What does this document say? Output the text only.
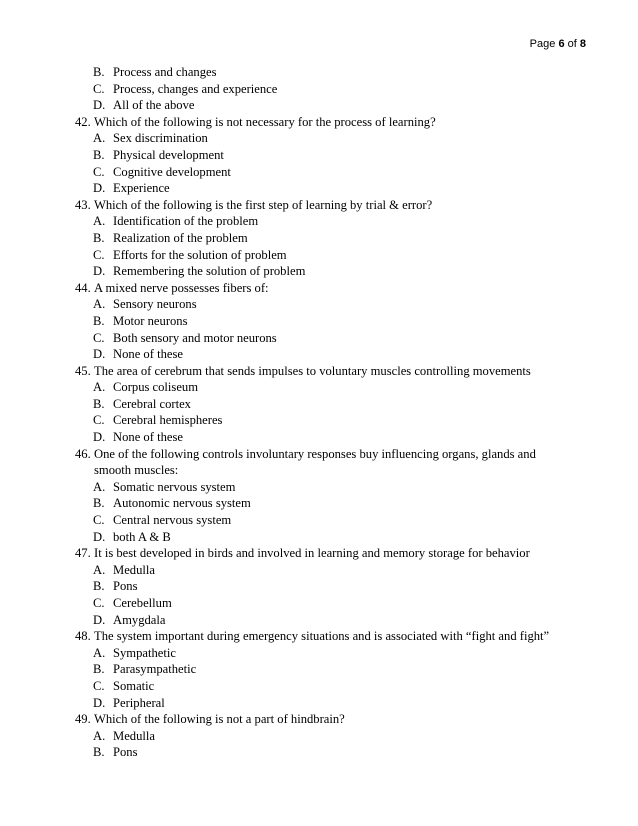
Page 6 of 8
B. Process and changes
C. Process, changes and experience
D. All of the above
42. Which of the following is not necessary for the process of learning?
A. Sex discrimination
B. Physical development
C. Cognitive development
D. Experience
43. Which of the following is the first step of learning by trial & error?
A. Identification of the problem
B. Realization of the problem
C. Efforts for the solution of problem
D. Remembering the solution of problem
44. A mixed nerve possesses fibers of:
A. Sensory neurons
B. Motor neurons
C. Both sensory and motor neurons
D. None of these
45. The area of cerebrum that sends impulses to voluntary muscles controlling movements
A. Corpus coliseum
B. Cerebral cortex
C. Cerebral hemispheres
D. None of these
46. One of the following controls involuntary responses buy influencing organs, glands and smooth muscles:
A. Somatic nervous system
B. Autonomic nervous system
C. Central nervous system
D. both A & B
47. It is best developed in birds and involved in learning and memory storage for behavior
A. Medulla
B. Pons
C. Cerebellum
D. Amygdala
48. The system important during emergency situations and is associated with “fight and fight”
A. Sympathetic
B. Parasympathetic
C. Somatic
D. Peripheral
49. Which of the following is not a part of hindbrain?
A. Medulla
B. Pons
